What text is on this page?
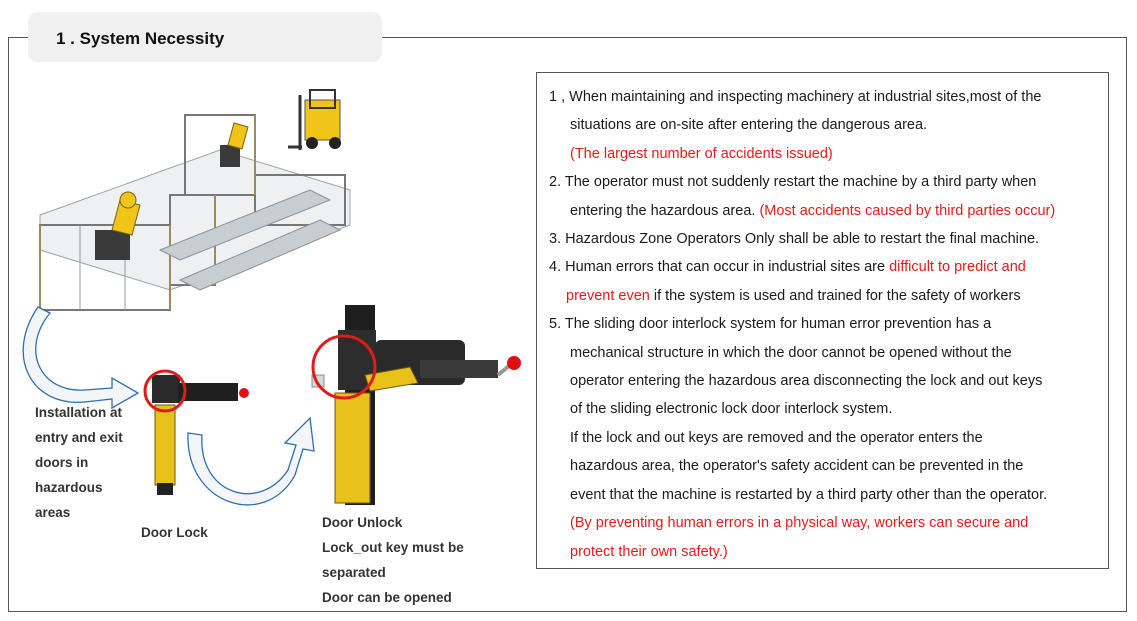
1 . System Necessity
Installation at
entry and exit
doors in
hazardous
areas
Door Lock
Door Unlock
Lock_out key must be
separated
Door can be opened

1 , When maintaining and inspecting machinery at industrial sites,most of the

situations are on-site after entering the dangerous area.

(The largest number of accidents issued)

2. The operator must not suddenly restart the machine by a third party when

entering the hazardous area. (Most accidents caused by third parties occur)

3. Hazardous Zone Operators Only shall be able to restart the final machine.

4. Human errors that can occur in industrial sites are difficult to predict and

prevent even if the system is used and trained for the safety of workers

5. The sliding door interlock system for human error prevention has a

mechanical structure in which the door cannot be opened without the

operator entering the hazardous area disconnecting the lock and out keys

of the sliding electronic lock door interlock system.

If the lock and out keys are removed and the operator enters the

hazardous area, the operator's safety accident can be prevented in the

event that the machine is restarted by a third party other than the operator.

(By preventing human errors in a physical way, workers can secure and

protect their own safety.)
